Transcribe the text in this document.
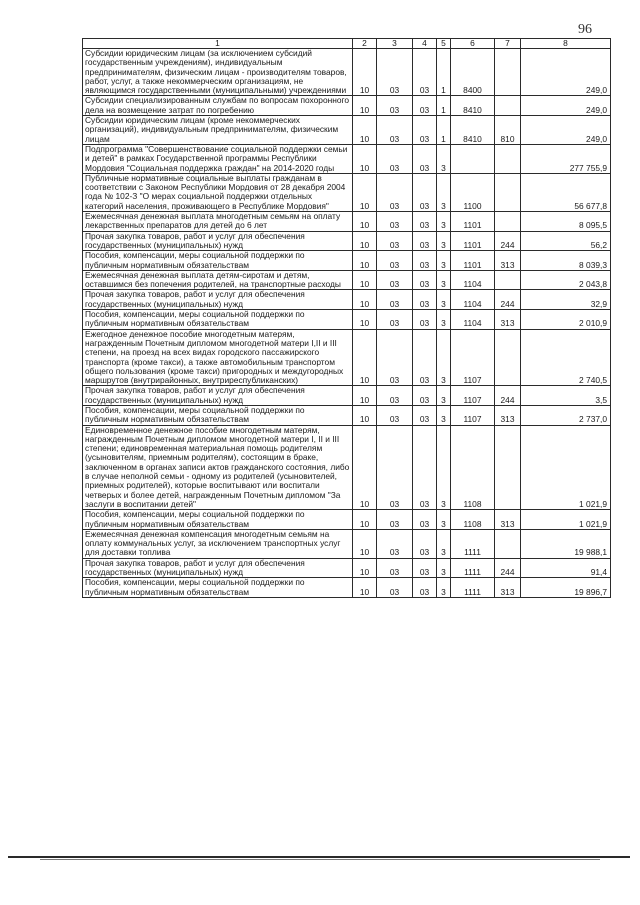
96
1	2	3	4	5	6	7	8
Субсидии юридическим лицам (за исключением субсидий государственным учреждениям), индивидуальным предпринимателям, физическим лицам - производителям товаров, работ, услуг, а также некоммерческим организациям, не являющимся государственными (муниципальными) учреждениями	10	03	03	1	8400		249,0
Субсидии специализированным службам по вопросам похоронного дела на возмещение затрат по погребению	10	03	03	1	8410		249,0
Субсидии юридическим лицам (кроме некоммерческих организаций), индивидуальным предпринимателям, физическим лицам	10	03	03	1	8410	810	249,0
Подпрограмма "Совершенствование социальной поддержки семьи и детей" в рамках Государственной программы Республики Мордовия "Социальная поддержка граждан" на 2014-2020 годы	10	03	03	3			277 755,9
Публичные нормативные социальные выплаты гражданам в соответствии с Законом Республики Мордовия от 28 декабря 2004 года № 102-З "О мерах социальной поддержки отдельных категорий населения, проживающего в Республике Мордовия"	10	03	03	3	1100		56 677,8
Ежемесячная денежная выплата многодетным семьям на оплату лекарственных препаратов для детей до 6 лет	10	03	03	3	1101		8 095,5
Прочая закупка товаров, работ и услуг для обеспечения государственных (муниципальных) нужд	10	03	03	3	1101	244	56,2
Пособия, компенсации, меры социальной поддержки по публичным нормативным обязательствам	10	03	03	3	1101	313	8 039,3
Ежемесячная денежная выплата детям-сиротам и детям, оставшимся без попечения родителей, на транспортные расходы	10	03	03	3	1104		2 043,8
Прочая закупка товаров, работ и услуг для обеспечения государственных (муниципальных) нужд	10	03	03	3	1104	244	32,9
Пособия, компенсации, меры социальной поддержки по публичным нормативным обязательствам	10	03	03	3	1104	313	2 010,9
Ежегодное денежное пособие многодетным матерям, награжденным Почетным дипломом многодетной матери I,II и III степени, на проезд на всех видах городского пассажирского транспорта (кроме такси), а также автомобильным транспортом общего пользования (кроме такси) пригородных и междугородных маршрутов (внутрирайонных, внутриреспубликанских)	10	03	03	3	1107		2 740,5
Прочая закупка товаров, работ и услуг для обеспечения государственных (муниципальных) нужд	10	03	03	3	1107	244	3,5
Пособия, компенсации, меры социальной поддержки по публичным нормативным обязательствам	10	03	03	3	1107	313	2 737,0
Единовременное денежное пособие многодетным матерям, награжденным Почетным дипломом многодетной матери I, II и III степени; единовременная материальная помощь родителям (усыновителям, приемным родителям), состоящим в браке, заключенном в органах записи актов гражданского состояния, либо в случае неполной семьи - одному из родителей (усыновителей, приемных родителей), которые воспитывают или воспитали четверых и более детей, награжденным Почетным дипломом "За заслуги в воспитании детей"	10	03	03	3	1108		1 021,9
Пособия, компенсации, меры социальной поддержки по публичным нормативным обязательствам	10	03	03	3	1108	313	1 021,9
Ежемесячная денежная компенсация многодетным семьям на оплату коммунальных услуг, за исключением транспортных услуг для доставки топлива	10	03	03	3	1111		19 988,1
Прочая закупка товаров, работ и услуг для обеспечения государственных (муниципальных) нужд	10	03	03	3	1111	244	91,4
Пособия, компенсации, меры социальной поддержки по публичным нормативным обязательствам	10	03	03	3	1111	313	19 896,7
